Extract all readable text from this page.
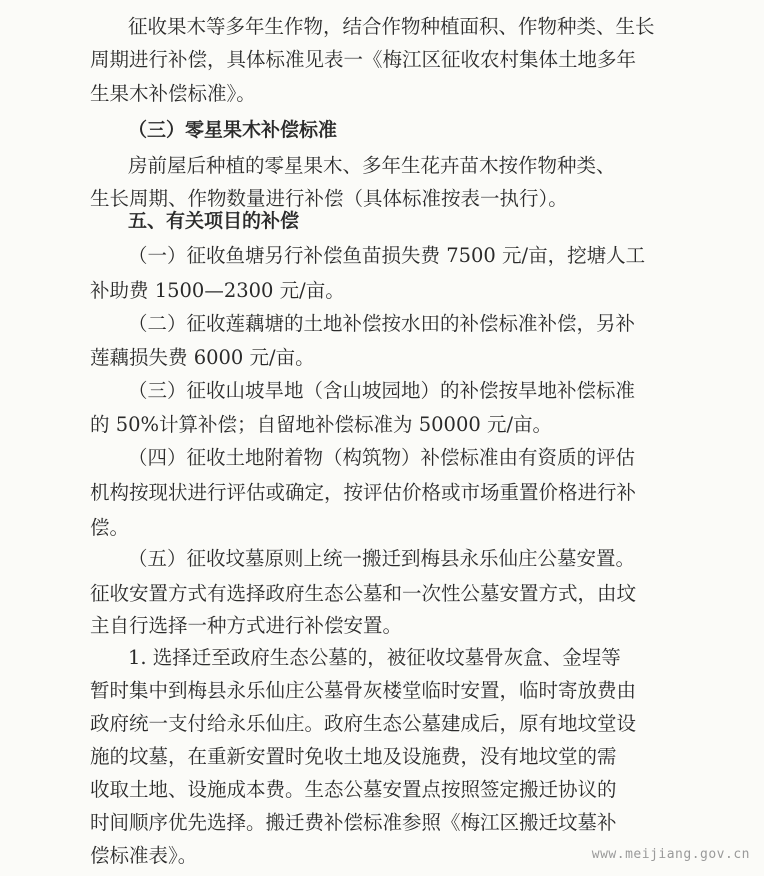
征收果木等多年生作物，结合作物种植面积、作物种类、生长
周期进行补偿，具体标准见表一《梅江区征收农村集体土地多年
生果木补偿标准》。
（三）零星果木补偿标准
房前屋后种植的零星果木、多年生花卉苗木按作物种类、
生长周期、作物数量进行补偿（具体标准按表一执行）。
五、有关项目的补偿
（一）征收鱼塘另行补偿鱼苗损失费 7500 元/亩，挖塘人工
补助费 1500—2300 元/亩。
（二）征收莲藕塘的土地补偿按水田的补偿标准补偿，另补
莲藕损失费 6000 元/亩。
（三）征收山坡旱地（含山坡园地）的补偿按旱地补偿标准
的 50%计算补偿；自留地补偿标准为 50000 元/亩。
（四）征收土地附着物（构筑物）补偿标准由有资质的评估
机构按现状进行评估或确定，按评估价格或市场重置价格进行补
偿。
（五）征收坟墓原则上统一搬迁到梅县永乐仙庄公墓安置。
征收安置方式有选择政府生态公墓和一次性公墓安置方式，由坟
主自行选择一种方式进行补偿安置。
1. 选择迁至政府生态公墓的，被征收坟墓骨灰盒、金埕等
暂时集中到梅县永乐仙庄公墓骨灰楼堂临时安置，临时寄放费由
政府统一支付给永乐仙庄。政府生态公墓建成后，原有地坟堂设
施的坟墓，在重新安置时免收土地及设施费，没有地坟堂的需
收取土地、设施成本费。生态公墓安置点按照签定搬迁协议的
时间顺序优先选择。搬迁费补偿标准参照《梅江区搬迁坟墓补
偿标准表》。	www.meijiang.gov.cn
